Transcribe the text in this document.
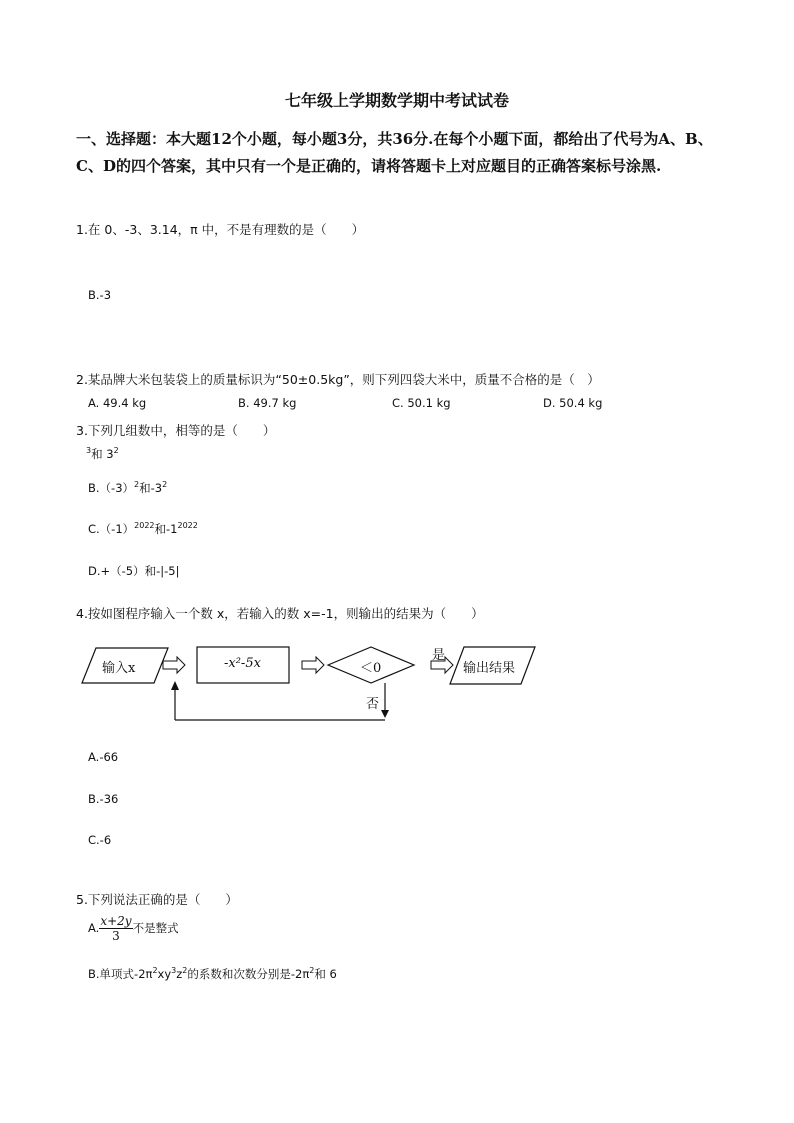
七年级上学期数学期中考试试卷
一、选择题：本大题12个小题，每小题3分，共36分.在每个小题下面，都给出了代号为A、B、C、D的四个答案，其中只有一个是正确的，请将答题卡上对应题目的正确答案标号涂黑.
1.在 0、-3、3.14，π 中，不是有理数的是（　　）
B.-3
2.某品牌大米包装袋上的质量标识为“50±0.5kg”，则下列四袋大米中，质量不合格的是（　）
A. 49.4 kg	B. 49.7 kg	C. 50.1 kg	D. 50.4 kg
3.下列几组数中，相等的是（　　）
$^3$和 $3^2$
$B.(-3)^2$和$-3^2$
$C.(-1)^{2022}$和$-1^{2022}$
D.+（-5）和-|-5|
4.按如图程序输入一个数 x，若输入的数 x=-1，则输出的结果为（　　）
输入x	-x²-5x	＜0
是
否
输出结果
A.-66
B.-36
C.-6
5.下列说法正确的是（　　）
A. $\frac{x+2y}{3}$ 不是整式
B.单项式$-2\pi^2xy^3z^2$的系数和次数分别是$-2\pi^2$和 6
